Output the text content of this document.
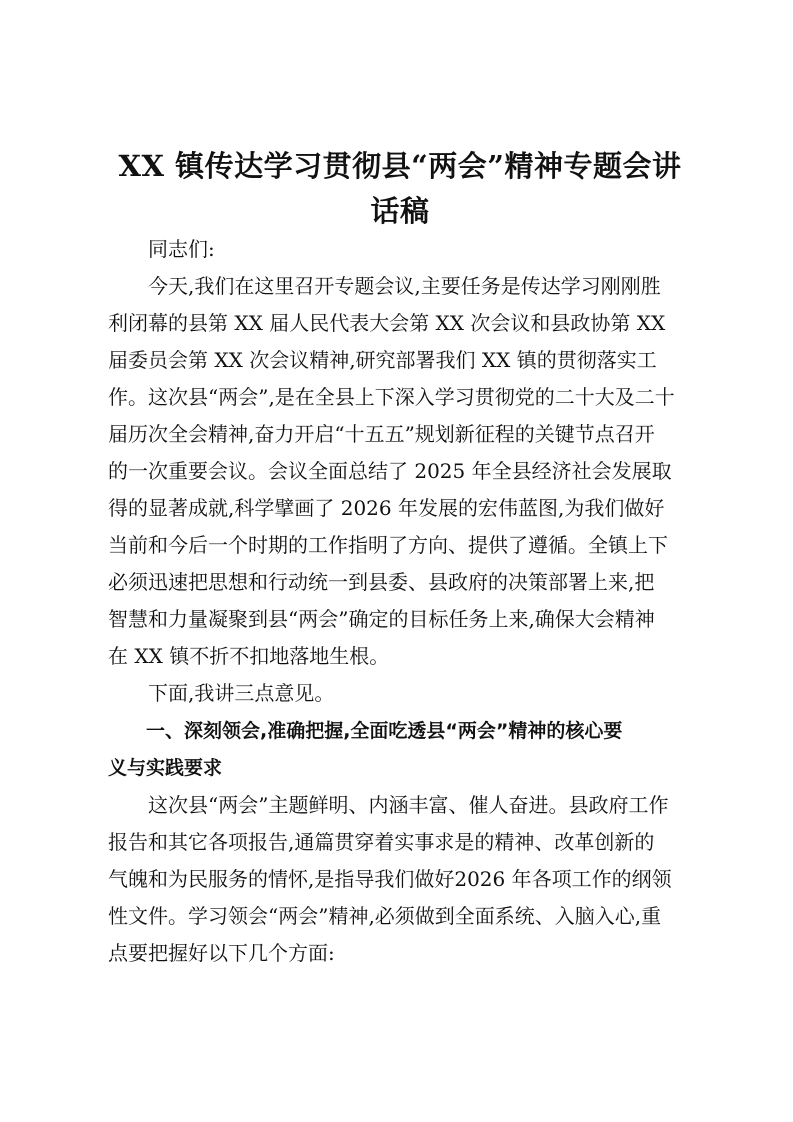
XX 镇传达学习贯彻县“两会”精神专题会讲
话稿

　　同志们:

　　今天,我们在这里召开专题会议,主要任务是传达学习刚刚胜

利闭幕的县第 XX 届人民代表大会第 XX 次会议和县政协第 XX

届委员会第 XX 次会议精神,研究部署我们 XX 镇的贯彻落实工

作。这次县“两会”,是在全县上下深入学习贯彻党的二十大及二十

届历次全会精神,奋力开启“十五五”规划新征程的关键节点召开

的一次重要会议。会议全面总结了 2025 年全县经济社会发展取

得的显著成就,科学擘画了 2026 年发展的宏伟蓝图,为我们做好

当前和今后一个时期的工作指明了方向、提供了遵循。全镇上下

必须迅速把思想和行动统一到县委、县政府的决策部署上来,把

智慧和力量凝聚到县“两会”确定的目标任务上来,确保大会精神

在 XX 镇不折不扣地落地生根。

　　下面,我讲三点意见。

　　一、深刻领会,准确把握,全面吃透县“两会”精神的核心要

义与实践要求

　　这次县“两会”主题鲜明、内涵丰富、催人奋进。县政府工作

报告和其它各项报告,通篇贯穿着实事求是的精神、改革创新的

气魄和为民服务的情怀,是指导我们做好2026 年各项工作的纲领

性文件。学习领会“两会”精神,必须做到全面系统、入脑入心,重

点要把握好以下几个方面:
